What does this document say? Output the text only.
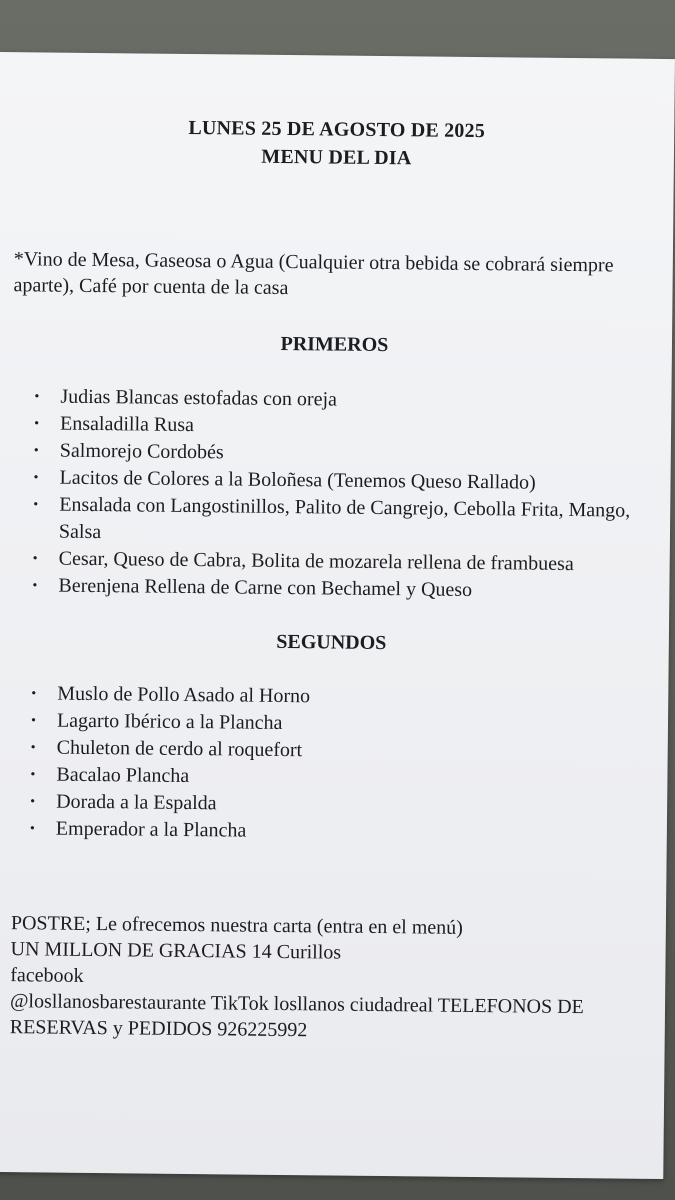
LUNES 25 DE AGOSTO DE 2025
MENU DEL DIA
*Vino de Mesa, Gaseosa o Agua (Cualquier otra bebida se cobrará siempre aparte), Café por cuenta de la casa
PRIMEROS
• Judias Blancas estofadas con oreja
• Ensaladilla Rusa
• Salmorejo Cordobés
• Lacitos de Colores a la Boloñesa (Tenemos Queso Rallado)
• Ensalada con Langostinillos, Palito de Cangrejo, Cebolla Frita, Mango, Salsa
• Cesar, Queso de Cabra, Bolita de mozarela rellena de frambuesa
• Berenjena Rellena de Carne con Bechamel y Queso
SEGUNDOS
• Muslo de Pollo Asado al Horno
• Lagarto Ibérico a la Plancha
• Chuleton de cerdo al roquefort
• Bacalao Plancha
• Dorada a la Espalda
• Emperador a la Plancha
POSTRE; Le ofrecemos nuestra carta (entra en el menú)
UN MILLON DE GRACIAS 14 Curillos
facebook
@losllanosbarestaurante TikTok losllanos ciudadreal TELEFONOS DE RESERVAS y PEDIDOS 926225992
